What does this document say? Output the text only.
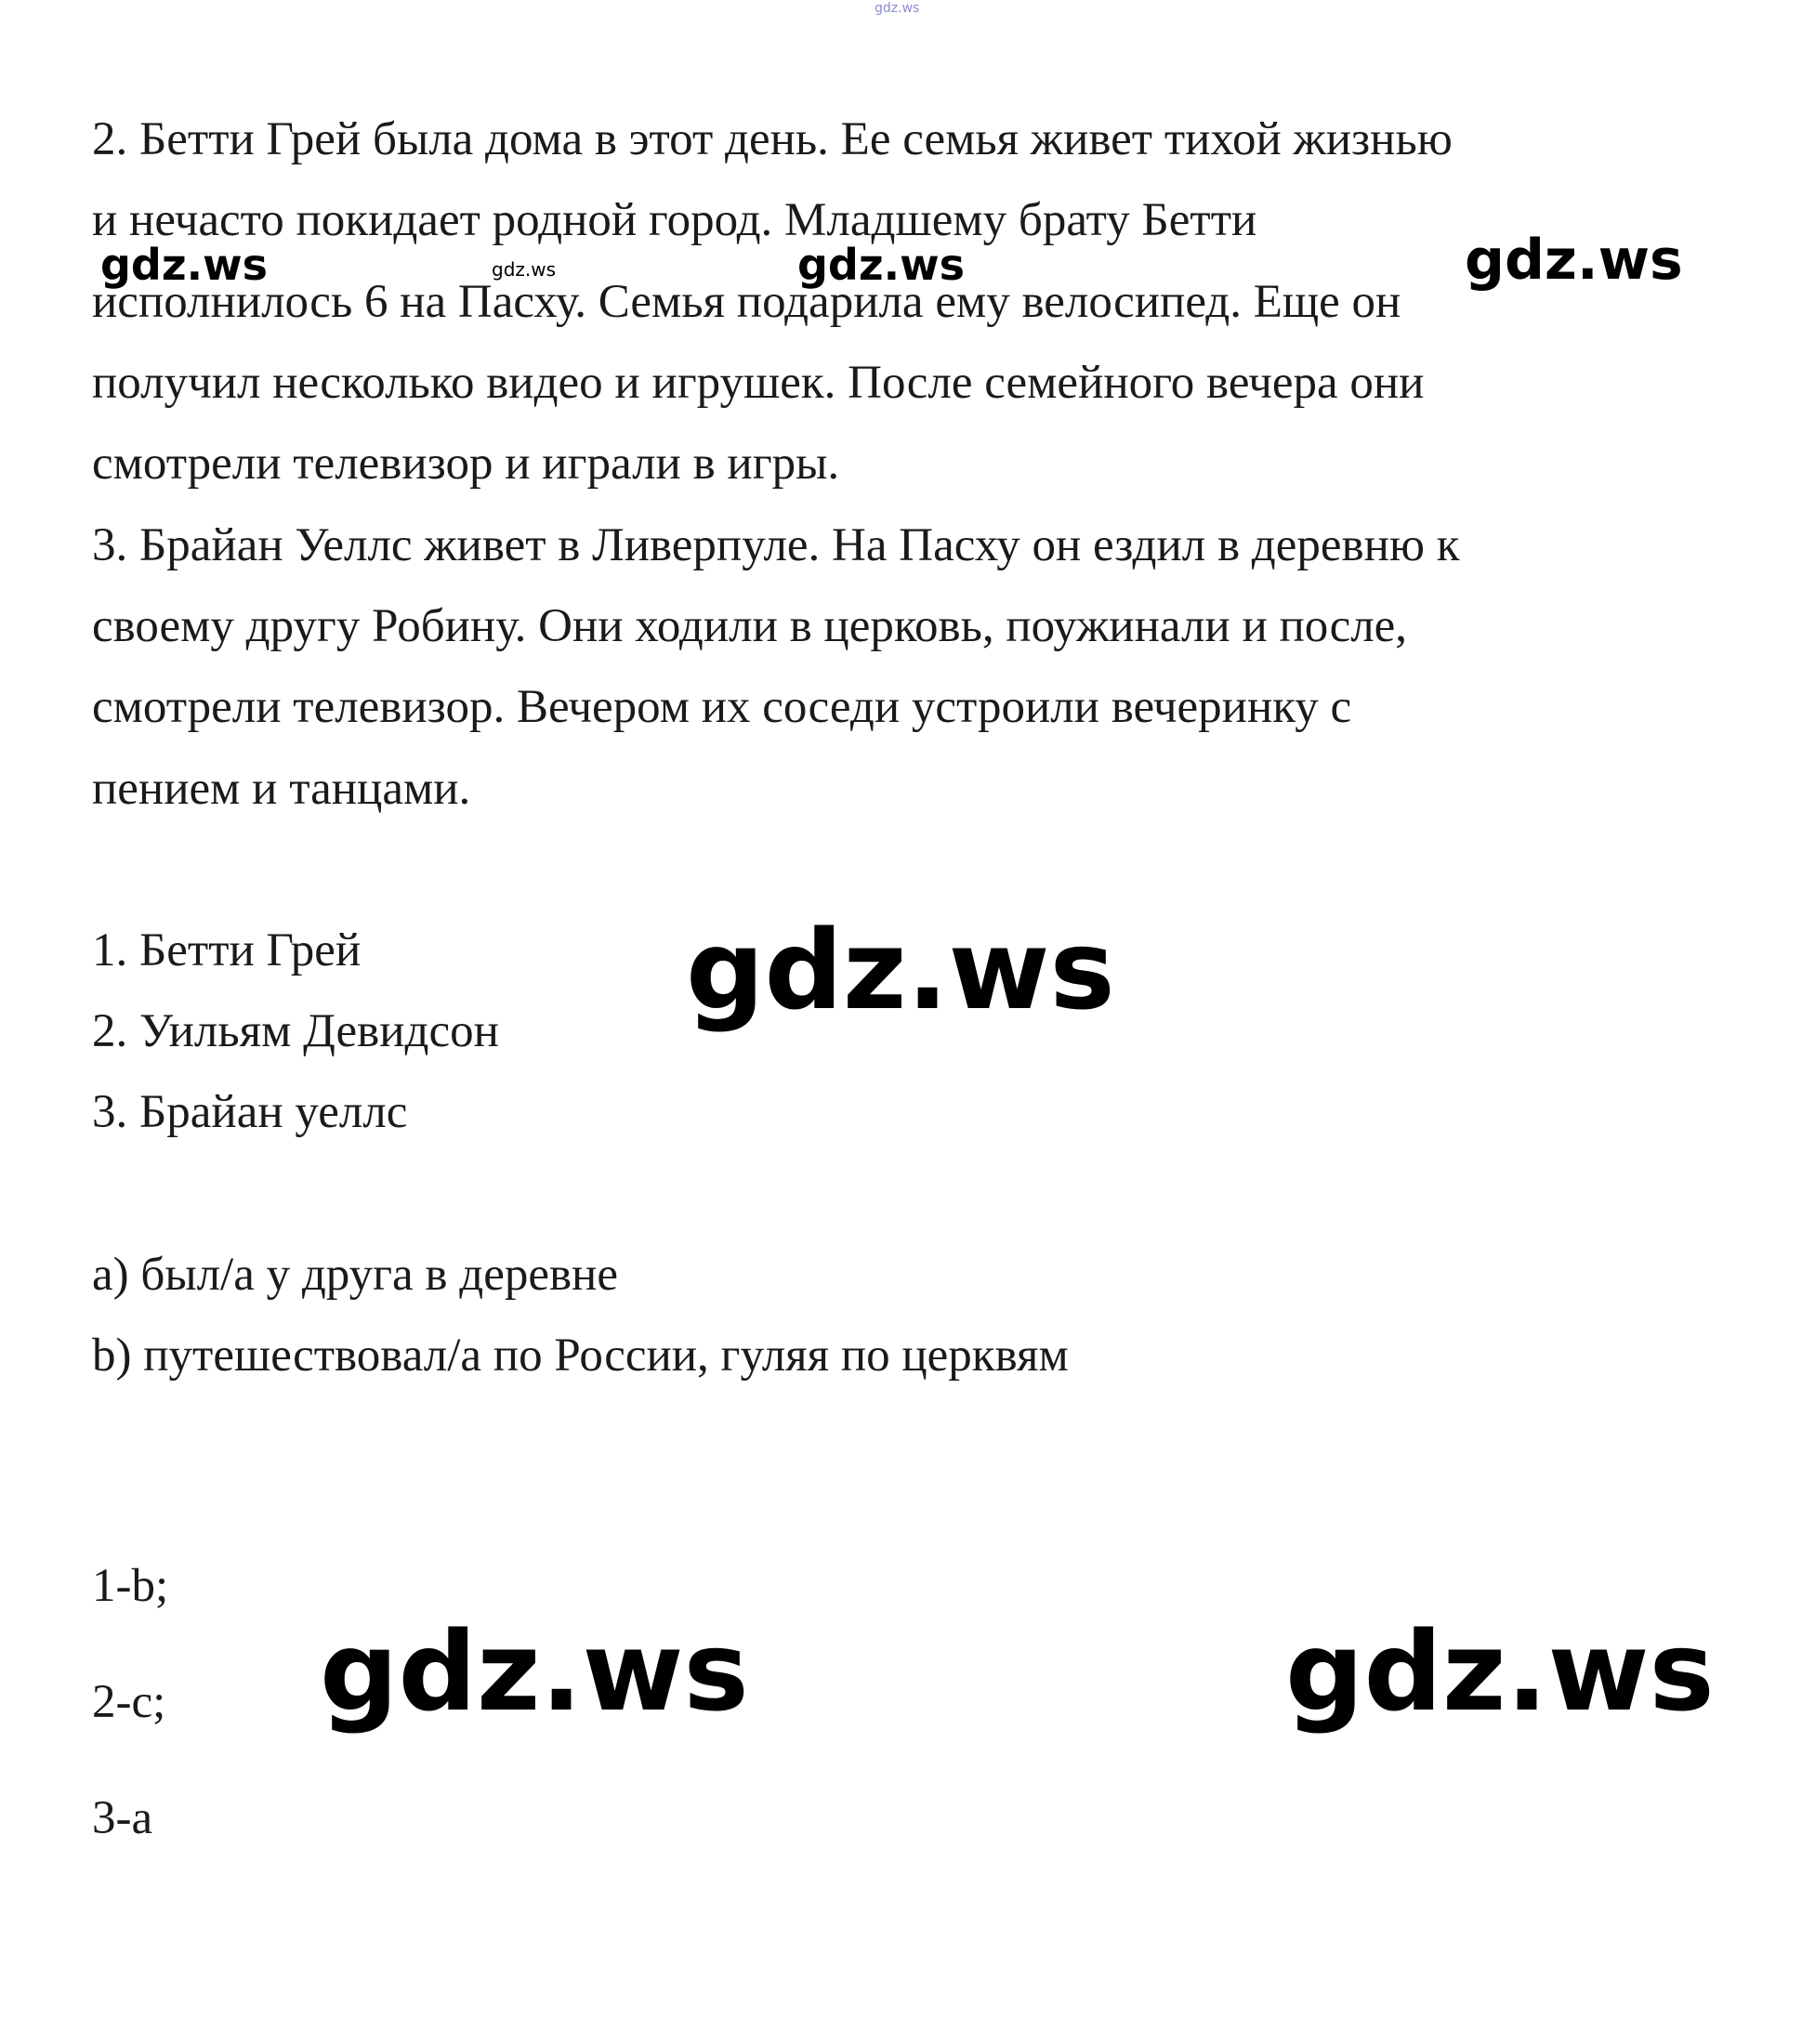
gdz.ws
2. Бетти Грей была дома в этот день. Ее семья живет тихой жизнью
и нечасто покидает родной город. Младшему брату Бетти
исполнилось 6 на Пасху. Семья подарила ему велосипед. Еще он
получил несколько видео и игрушек. После семейного вечера они
смотрели телевизор и играли в игры.
3. Брайан Уеллс живет в Ливерпуле. На Пасху он ездил в деревню к
своему другу Робину. Они ходили в церковь, поужинали и после,
смотрели телевизор. Вечером их соседи устроили вечеринку с
пением и танцами.
1. Бетти Грей
2. Уильям Девидсон
3. Брайан уеллс
a) был/а у друга в деревне
b) путешествовал/а по России, гуляя по церквям
1-b;
2-c;
3-a
gdz.ws	gdz.ws	gdz.ws	gdz.ws
gdz.ws
gdz.ws	gdz.ws
